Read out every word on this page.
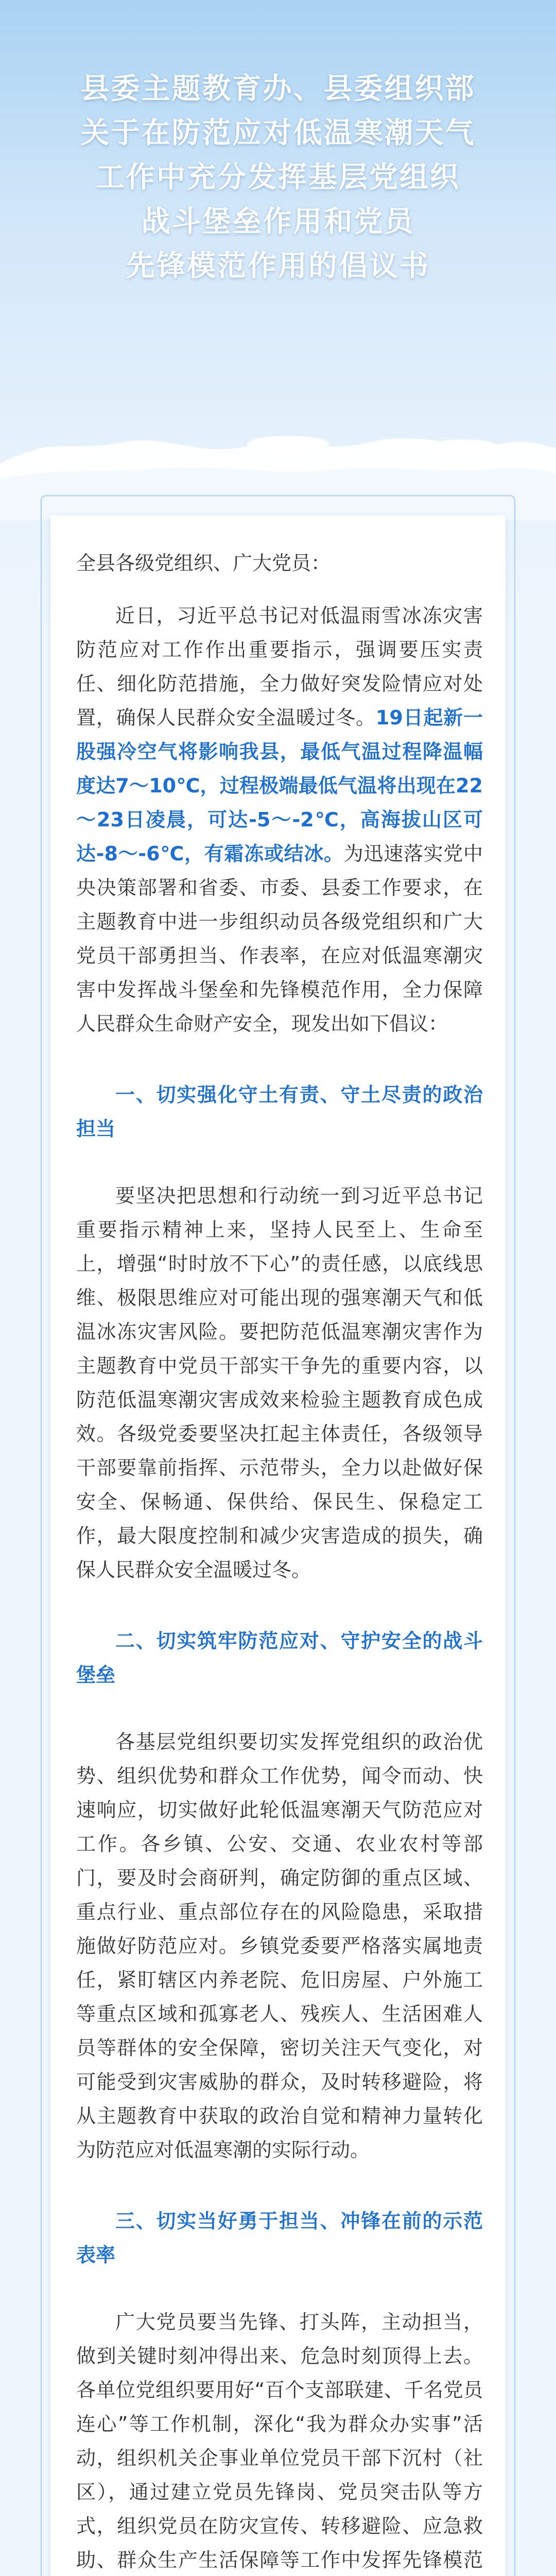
县委主题教育办、县委组织部
关于在防范应对低温寒潮天气
工作中充分发挥基层党组织
战斗堡垒作用和党员
先锋模范作用的倡议书

全县各级党组织、广大党员：

近日，习近平总书记对低温雨雪冰冻灾害防范应对工作作出重要指示，强调要压实责任、细化防范措施，全力做好突发险情应对处置，确保人民群众安全温暖过冬。19日起新一股强冷空气将影响我县，最低气温过程降温幅度达7～10℃，过程极端最低气温将出现在22～23日凌晨，可达-5～-2℃，高海拔山区可达-8～-6℃，有霜冻或结冰。为迅速落实党中央决策部署和省委、市委、县委工作要求，在主题教育中进一步组织动员各级党组织和广大党员干部勇担当、作表率，在应对低温寒潮灾害中发挥战斗堡垒和先锋模范作用，全力保障人民群众生命财产安全，现发出如下倡议：

一、切实强化守土有责、守土尽责的政治担当

要坚决把思想和行动统一到习近平总书记重要指示精神上来，坚持人民至上、生命至上，增强“时时放不下心”的责任感，以底线思维、极限思维应对可能出现的强寒潮天气和低温冰冻灾害风险。要把防范低温寒潮灾害作为主题教育中党员干部实干争先的重要内容，以防范低温寒潮灾害成效来检验主题教育成色成效。各级党委要坚决扛起主体责任，各级领导干部要靠前指挥、示范带头，全力以赴做好保安全、保畅通、保供给、保民生、保稳定工作，最大限度控制和减少灾害造成的损失，确保人民群众安全温暖过冬。

二、切实筑牢防范应对、守护安全的战斗堡垒

各基层党组织要切实发挥党组织的政治优势、组织优势和群众工作优势，闻令而动、快速响应，切实做好此轮低温寒潮天气防范应对工作。各乡镇、公安、交通、农业农村等部门，要及时会商研判，确定防御的重点区域、重点行业、重点部位存在的风险隐患，采取措施做好防范应对。乡镇党委要严格落实属地责任，紧盯辖区内养老院、危旧房屋、户外施工等重点区域和孤寡老人、残疾人、生活困难人员等群体的安全保障，密切关注天气变化，对可能受到灾害威胁的群众，及时转移避险，将从主题教育中获取的政治自觉和精神力量转化为防范应对低温寒潮的实际行动。

三、切实当好勇于担当、冲锋在前的示范表率

广大党员要当先锋、打头阵，主动担当，做到关键时刻冲得出来、危急时刻顶得上去。各单位党组织要用好“百个支部联建、千名党员连心”等工作机制，深化“我为群众办实事”活动，组织机关企事业单位党员干部下沉村（社区），通过建立党员先锋岗、党员突击队等方式，组织党员在防灾宣传、转移避险、应急救助、群众生产生活保障等工作中发挥先锋模范
